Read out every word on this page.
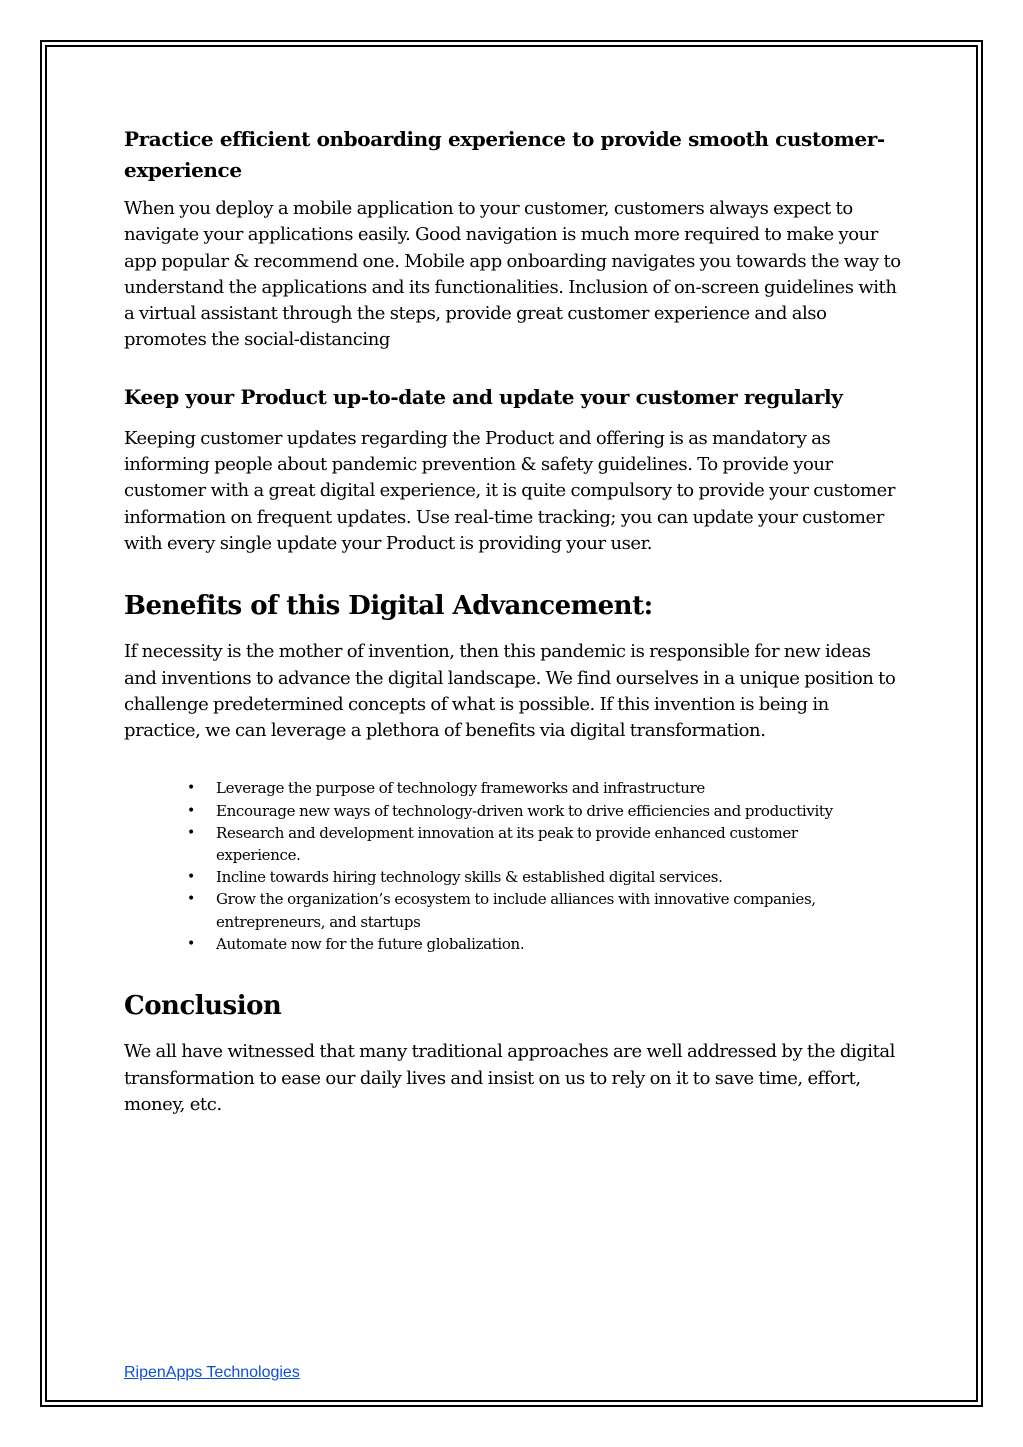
Practice efficient onboarding experience to provide smooth customer-
experience

When you deploy a mobile application to your customer, customers always expect to navigate your applications easily. Good navigation is much more required to make your app popular & recommend one. Mobile app onboarding navigates you towards the way to understand the applications and its functionalities. Inclusion of on-screen guidelines with a virtual assistant through the steps, provide great customer experience and also promotes the social-distancing

Keep your Product up-to-date and update your customer regularly

Keeping customer updates regarding the Product and offering is as mandatory as informing people about pandemic prevention & safety guidelines. To provide your customer with a great digital experience, it is quite compulsory to provide your customer information on frequent updates. Use real-time tracking; you can update your customer with every single update your Product is providing your user.

Benefits of this Digital Advancement:

If necessity is the mother of invention, then this pandemic is responsible for new ideas and inventions to advance the digital landscape. We find ourselves in a unique position to challenge predetermined concepts of what is possible. If this invention is being in practice, we can leverage a plethora of benefits via digital transformation.

• Leverage the purpose of technology frameworks and infrastructure
• Encourage new ways of technology-driven work to drive efficiencies and productivity
• Research and development innovation at its peak to provide enhanced customer experience.
• Incline towards hiring technology skills & established digital services.
• Grow the organization’s ecosystem to include alliances with innovative companies, entrepreneurs, and startups
• Automate now for the future globalization.
Conclusion

We all have witnessed that many traditional approaches are well addressed by the digital transformation to ease our daily lives and insist on us to rely on it to save time, effort, money, etc.

RipenApps Technologies
